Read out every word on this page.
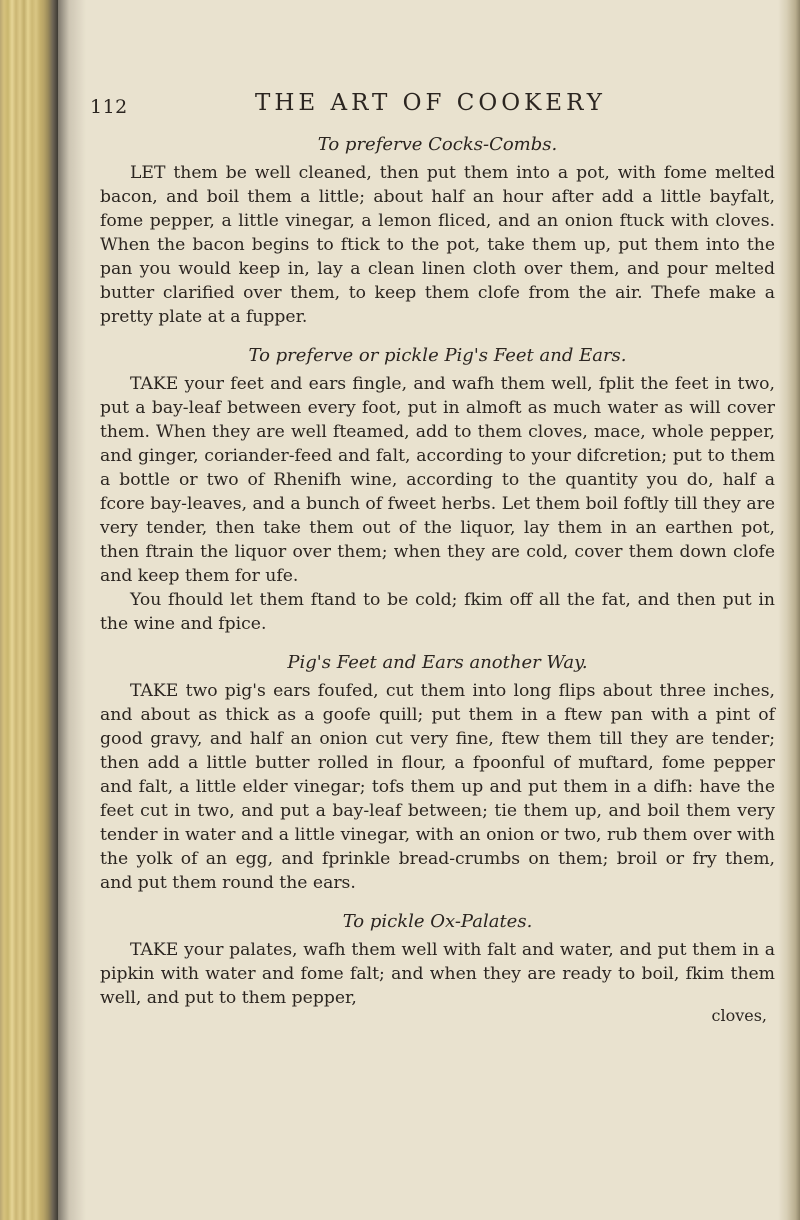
112	THE ART OF COOKERY
To preferve Cocks-Combs.

LET them be well cleaned, then put them into a pot, with fome melted bacon, and boil them a little; about half an hour after add a little bayfalt, fome pepper, a little vinegar, a lemon fliced, and an onion ftuck with cloves. When the bacon begins to ftick to the pot, take them up, put them into the pan you would keep in, lay a clean linen cloth over them, and pour melted butter clarified over them, to keep them clofe from the air. Thefe make a pretty plate at a fupper.

To preferve or pickle Pig's Feet and Ears.

TAKE your feet and ears fingle, and wafh them well, fplit the feet in two, put a bay-leaf between every foot, put in almoft as much water as will cover them. When they are well fteamed, add to them cloves, mace, whole pepper, and ginger, coriander-feed and falt, according to your difcretion; put to them a bottle or two of Rhenifh wine, according to the quantity you do, half a fcore bay-leaves, and a bunch of fweet herbs. Let them boil foftly till they are very tender, then take them out of the liquor, lay them in an earthen pot, then ftrain the liquor over them; when they are cold, cover them down clofe and keep them for ufe.

You fhould let them ftand to be cold; fkim off all the fat, and then put in the wine and fpice.

Pig's Feet and Ears another Way.

TAKE two pig's ears foufed, cut them into long flips about three inches, and about as thick as a goofe quill; put them in a ftew pan with a pint of good gravy, and half an onion cut very fine, ftew them till they are tender; then add a little butter rolled in flour, a fpoonful of muftard, fome pepper and falt, a little elder vinegar; tofs them up and put them in a difh: have the feet cut in two, and put a bay-leaf between; tie them up, and boil them very tender in water and a little vinegar, with an onion or two, rub them over with the yolk of an egg, and fprinkle bread-crumbs on them; broil or fry them, and put them round the ears.

To pickle Ox-Palates.

TAKE your palates, wafh them well with falt and water, and put them in a pipkin with water and fome falt; and when they are ready to boil, fkim them well, and put to them pepper,

cloves,
